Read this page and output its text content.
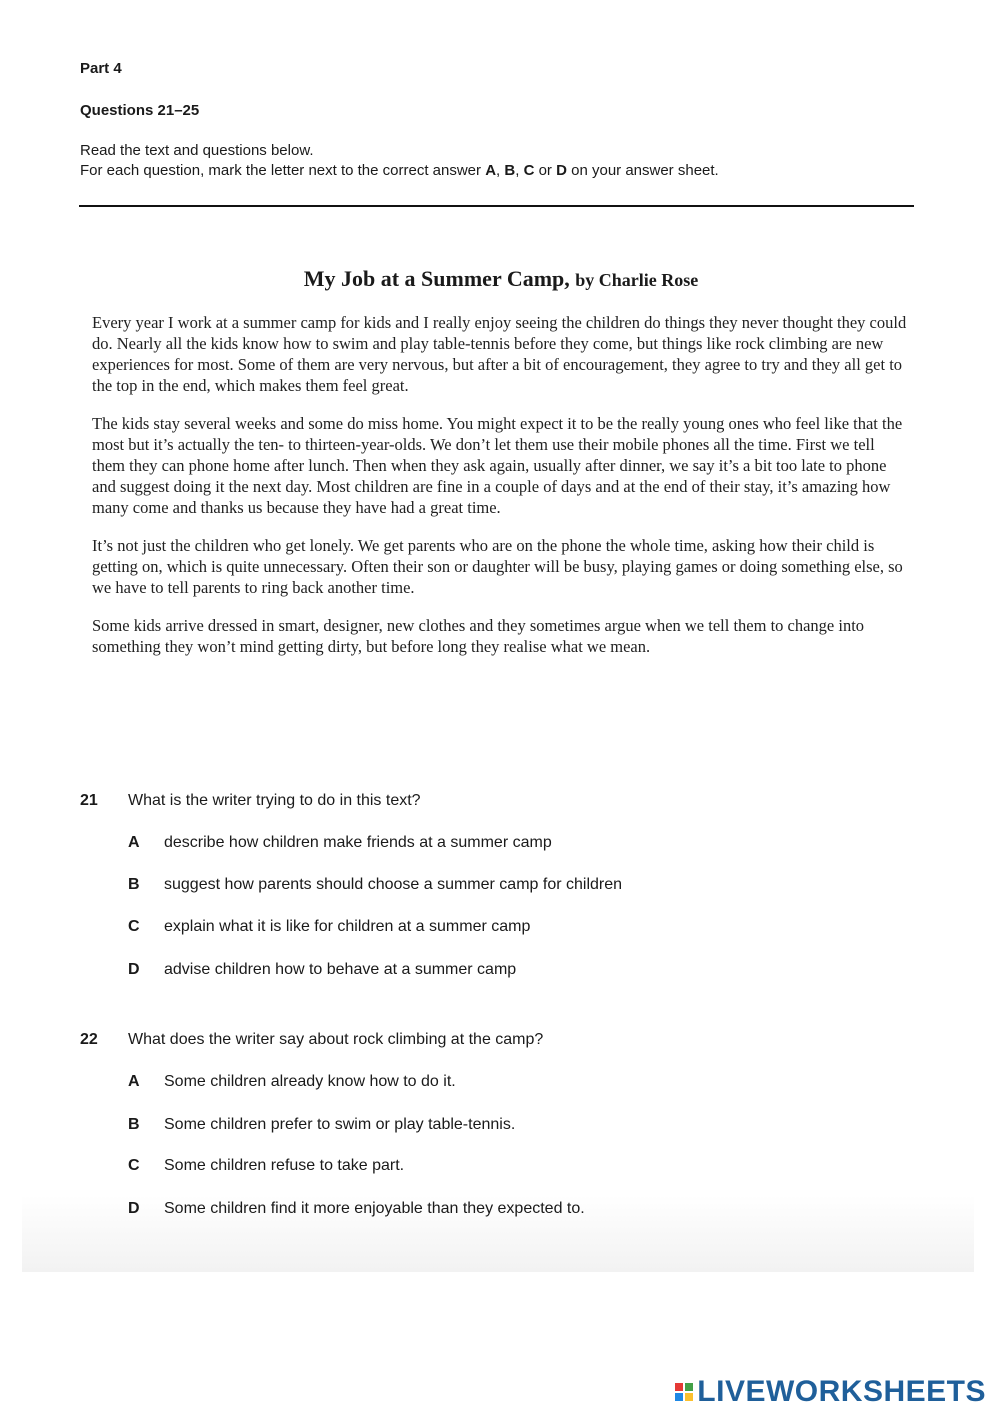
Part 4

Questions 21–25

Read the text and questions below.
For each question, mark the letter next to the correct answer A, B, C or D on your answer sheet.
My Job at a Summer Camp, by Charlie Rose

Every year I work at a summer camp for kids and I really enjoy seeing the children do things they never thought they could do. Nearly all the kids know how to swim and play table-tennis before they come, but things like rock climbing are new experiences for most. Some of them are very nervous, but after a bit of encouragement, they agree to try and they all get to the top in the end, which makes them feel great.

The kids stay several weeks and some do miss home. You might expect it to be the really young ones who feel like that the most but it’s actually the ten- to thirteen-year-olds. We don’t let them use their mobile phones all the time. First we tell them they can phone home after lunch. Then when they ask again, usually after dinner, we say it’s a bit too late to phone and suggest doing it the next day. Most children are fine in a couple of days and at the end of their stay, it’s amazing how many come and thanks us because they have had a great time.

It’s not just the children who get lonely. We get parents who are on the phone the whole time, asking how their child is getting on, which is quite unnecessary. Often their son or daughter will be busy, playing games or doing something else, so we have to tell parents to ring back another time.

Some kids arrive dressed in smart, designer, new clothes and they sometimes argue when we tell them to change into something they won’t mind getting dirty, but before long they realise what we mean.

21 What is the writer trying to do in this text?
A describe how children make friends at a summer camp
B suggest how parents should choose a summer camp for children
C explain what it is like for children at a summer camp
D advise children how to behave at a summer camp
22 What does the writer say about rock climbing at the camp?
A Some children already know how to do it.
B Some children prefer to swim or play table-tennis.
C Some children refuse to take part.
D Some children find it more enjoyable than they expected to.
LIVEWORKSHEETS
